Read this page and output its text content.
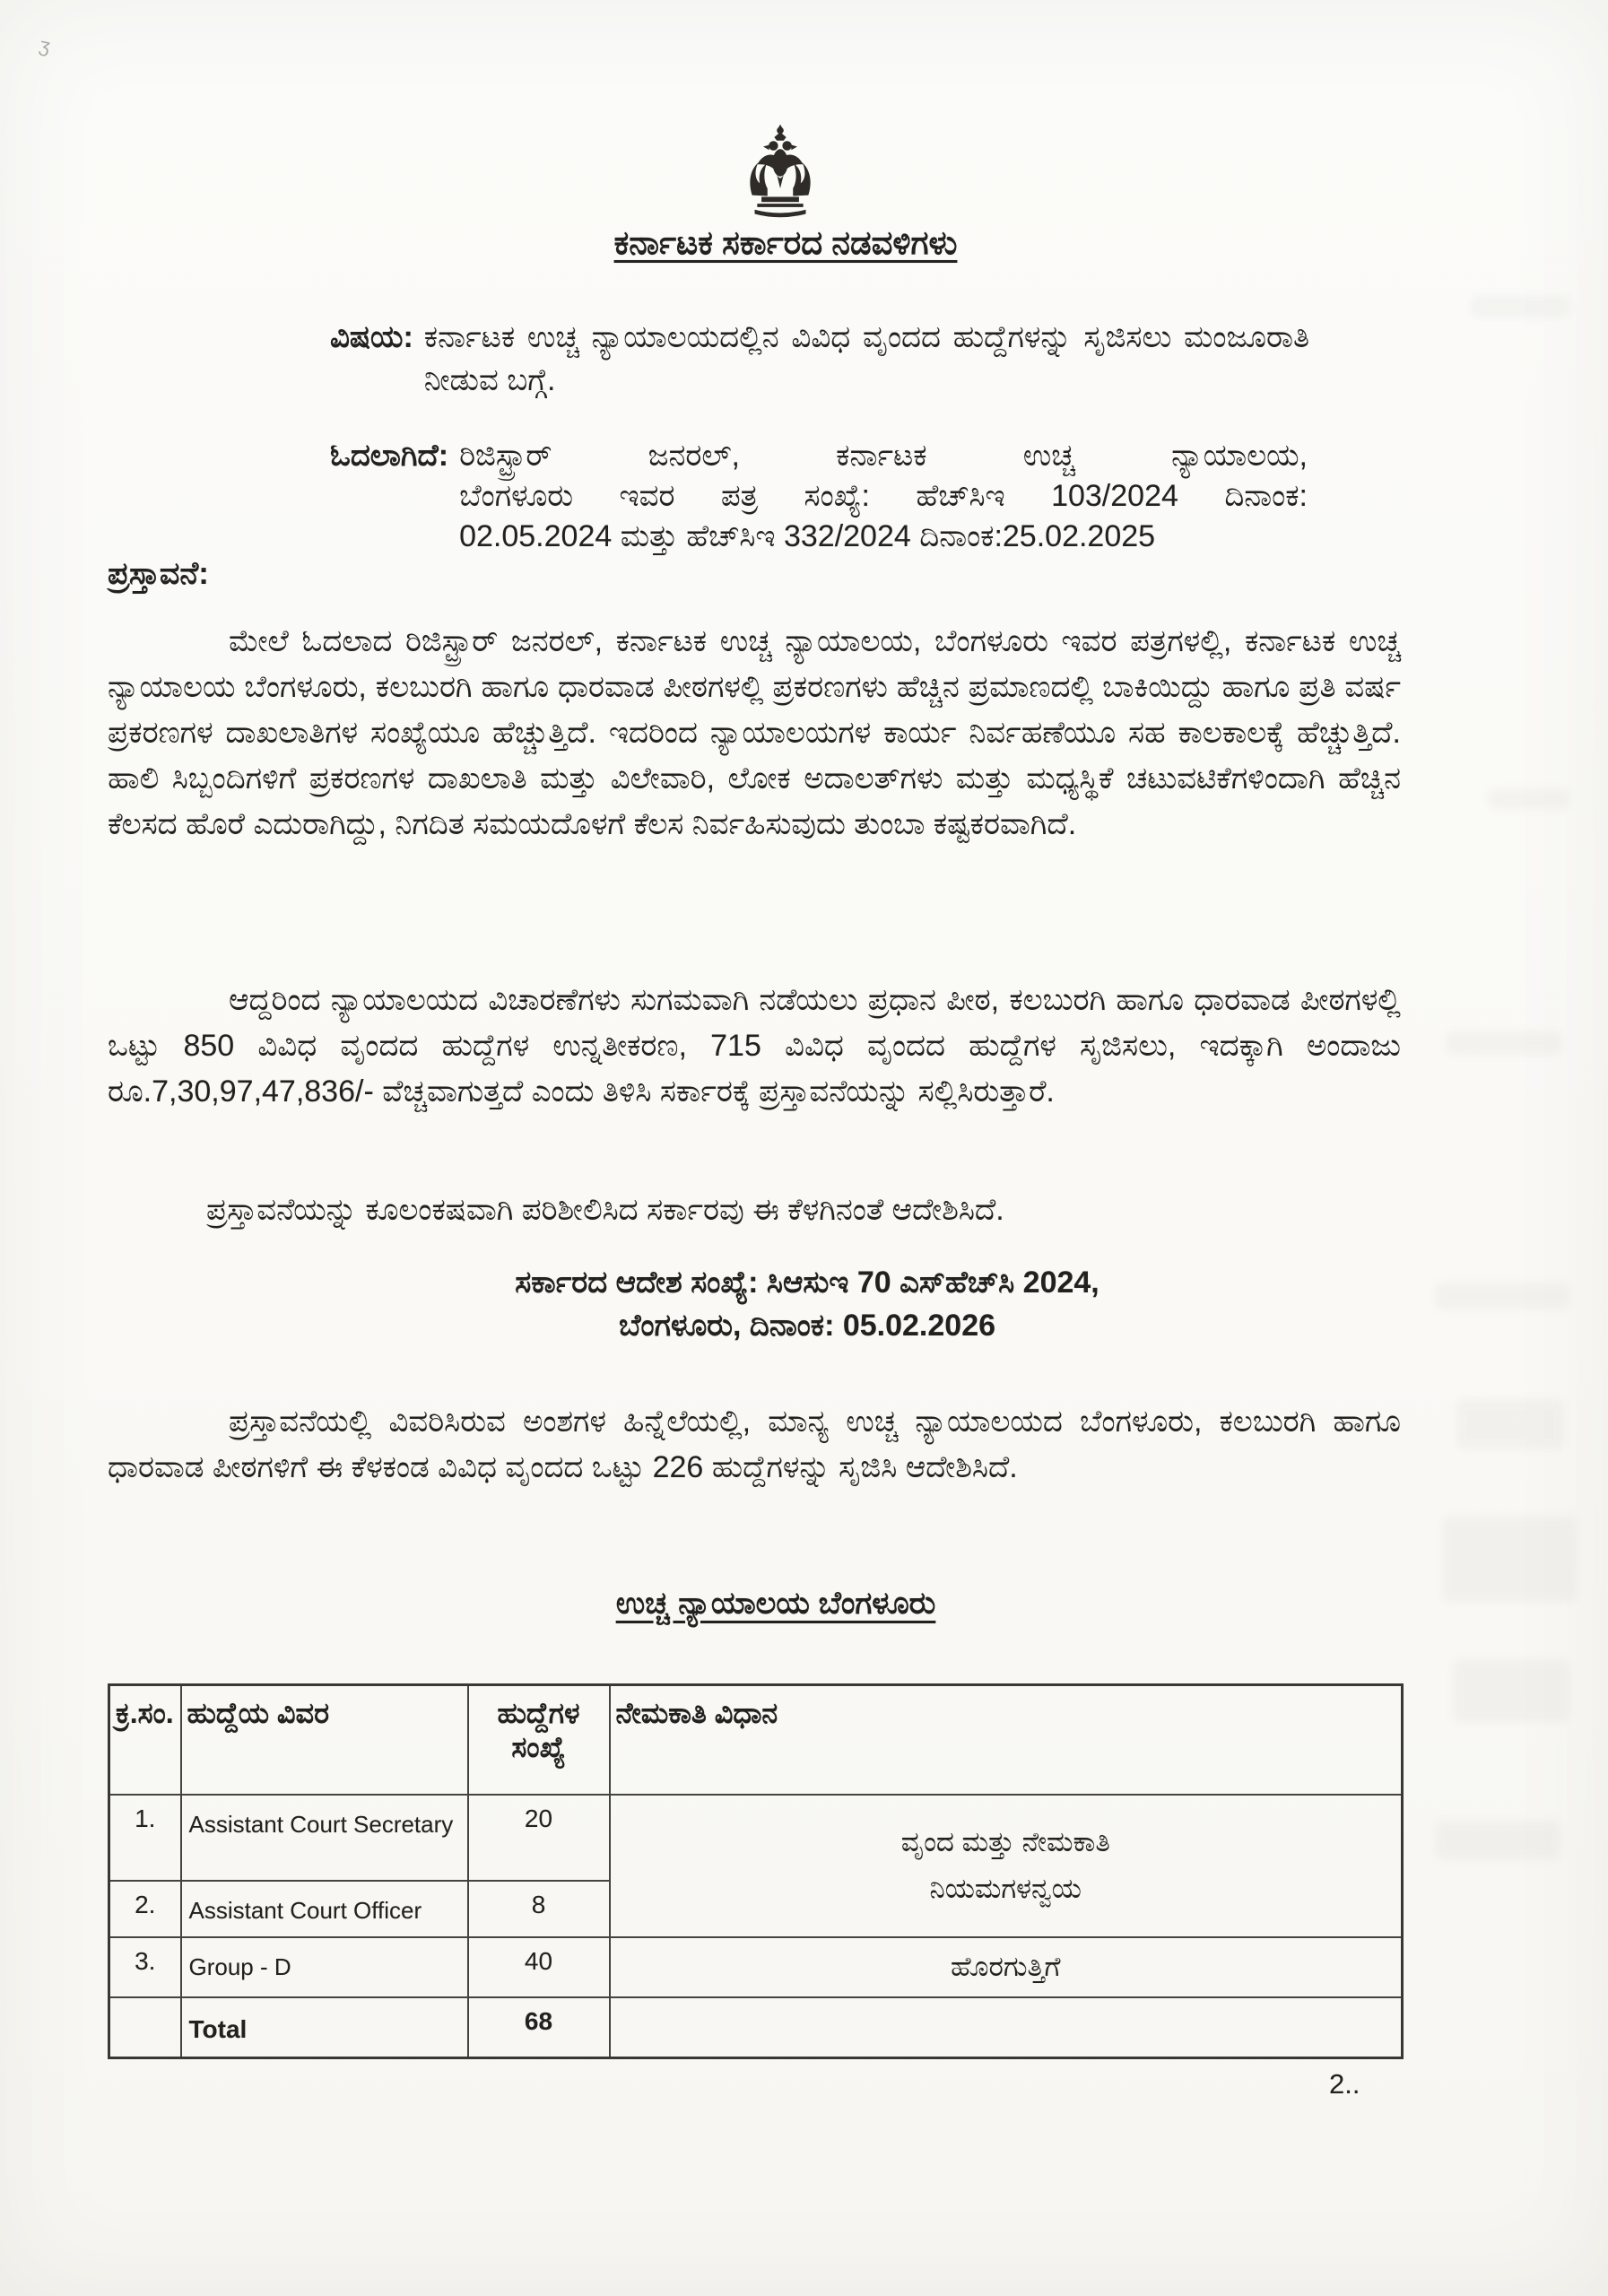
ʒ
ಕರ್ನಾಟಕ ಸರ್ಕಾರದ ನಡವಳಿಗಳು
ವಿಷಯ: ಕರ್ನಾಟಕ ಉಚ್ಚ ನ್ಯಾಯಾಲಯದಲ್ಲಿನ ವಿವಿಧ ವೃಂದದ ಹುದ್ದೆಗಳನ್ನು ಸೃಜಿಸಲು ಮಂಜೂರಾತಿ ನೀಡುವ ಬಗ್ಗೆ.
ಓದಲಾಗಿದೆ: ರಿಜಿಸ್ಟ್ರಾರ್ ಜನರಲ್, ಕರ್ನಾಟಕ ಉಚ್ಚ ನ್ಯಾಯಾಲಯ,
ಬೆಂಗಳೂರು ಇವರ ಪತ್ರ ಸಂಖ್ಯೆ: ಹೆಚ್‌ಸಿಇ 103/2024 ದಿನಾಂಕ:
02.05.2024 ಮತ್ತು ಹೆಚ್‌ಸಿಇ 332/2024 ದಿನಾಂಕ:25.02.2025
ಪ್ರಸ್ತಾವನೆ:
ಮೇಲೆ ಓದಲಾದ ರಿಜಿಸ್ಟ್ರಾರ್ ಜನರಲ್, ಕರ್ನಾಟಕ ಉಚ್ಚ ನ್ಯಾಯಾಲಯ, ಬೆಂಗಳೂರು ಇವರ ಪತ್ರಗಳಲ್ಲಿ, ಕರ್ನಾಟಕ ಉಚ್ಚ ನ್ಯಾಯಾಲಯ ಬೆಂಗಳೂರು, ಕಲಬುರಗಿ ಹಾಗೂ ಧಾರವಾಡ ಪೀಠಗಳಲ್ಲಿ ಪ್ರಕರಣಗಳು ಹೆಚ್ಚಿನ ಪ್ರಮಾಣದಲ್ಲಿ ಬಾಕಿಯಿದ್ದು ಹಾಗೂ ಪ್ರತಿ ವರ್ಷ ಪ್ರಕರಣಗಳ ದಾಖಲಾತಿಗಳ ಸಂಖ್ಯೆಯೂ ಹೆಚ್ಚುತ್ತಿದೆ. ಇದರಿಂದ ನ್ಯಾಯಾಲಯಗಳ ಕಾರ್ಯ ನಿರ್ವಹಣೆಯೂ ಸಹ ಕಾಲಕಾಲಕ್ಕೆ ಹೆಚ್ಚುತ್ತಿದೆ. ಹಾಲಿ ಸಿಬ್ಬಂದಿಗಳಿಗೆ ಪ್ರಕರಣಗಳ ದಾಖಲಾತಿ ಮತ್ತು ವಿಲೇವಾರಿ, ಲೋಕ ಅದಾಲತ್‌ಗಳು ಮತ್ತು ಮಧ್ಯಸ್ಥಿಕೆ ಚಟುವಟಿಕೆಗಳಿಂದಾಗಿ ಹೆಚ್ಚಿನ ಕೆಲಸದ ಹೊರೆ ಎದುರಾಗಿದ್ದು, ನಿಗದಿತ ಸಮಯದೊಳಗೆ ಕೆಲಸ ನಿರ್ವಹಿಸುವುದು ತುಂಬಾ ಕಷ್ಟಕರವಾಗಿದೆ.
ಆದ್ದರಿಂದ ನ್ಯಾಯಾಲಯದ ವಿಚಾರಣೆಗಳು ಸುಗಮವಾಗಿ ನಡೆಯಲು ಪ್ರಧಾನ ಪೀಠ, ಕಲಬುರಗಿ ಹಾಗೂ ಧಾರವಾಡ ಪೀಠಗಳಲ್ಲಿ ಒಟ್ಟು 850 ವಿವಿಧ ವೃಂದದ ಹುದ್ದೆಗಳ ಉನ್ನತೀಕರಣ, 715 ವಿವಿಧ ವೃಂದದ ಹುದ್ದೆಗಳ ಸೃಜಿಸಲು, ಇದಕ್ಕಾಗಿ ಅಂದಾಜು ರೂ.7,30,97,47,836/- ವೆಚ್ಚವಾಗುತ್ತದೆ ಎಂದು ತಿಳಿಸಿ ಸರ್ಕಾರಕ್ಕೆ ಪ್ರಸ್ತಾವನೆಯನ್ನು ಸಲ್ಲಿಸಿರುತ್ತಾರೆ.
ಪ್ರಸ್ತಾವನೆಯನ್ನು ಕೂಲಂಕಷವಾಗಿ ಪರಿಶೀಲಿಸಿದ ಸರ್ಕಾರವು ಈ ಕೆಳಗಿನಂತೆ ಆದೇಶಿಸಿದೆ.
ಸರ್ಕಾರದ ಆದೇಶ ಸಂಖ್ಯೆ: ಸಿಆಸುಇ 70 ಎಸ್‌ಹೆಚ್‌ಸಿ 2024,
ಬೆಂಗಳೂರು, ದಿನಾಂಕ: 05.02.2026
ಪ್ರಸ್ತಾವನೆಯಲ್ಲಿ ವಿವರಿಸಿರುವ ಅಂಶಗಳ ಹಿನ್ನೆಲೆಯಲ್ಲಿ, ಮಾನ್ಯ ಉಚ್ಚ ನ್ಯಾಯಾಲಯದ ಬೆಂಗಳೂರು, ಕಲಬುರಗಿ ಹಾಗೂ ಧಾರವಾಡ ಪೀಠಗಳಿಗೆ ಈ ಕೆಳಕಂಡ ವಿವಿಧ ವೃಂದದ ಒಟ್ಟು 226 ಹುದ್ದೆಗಳನ್ನು ಸೃಜಿಸಿ ಆದೇಶಿಸಿದೆ.
ಉಚ್ಚ ನ್ಯಾಯಾಲಯ ಬೆಂಗಳೂರು
ಕ್ರ.ಸಂ.	ಹುದ್ದೆಯ ವಿವರ	ಹುದ್ದೆಗಳ ಸಂಖ್ಯೆ	ನೇಮಕಾತಿ ವಿಧಾನ
1.	Assistant Court Secretary	20	ವೃಂದ ಮತ್ತು ನೇಮಕಾತಿ ನಿಯಮಗಳನ್ವಯ

2.	Assistant Court Officer	8	
3.	Group - D	40	ಹೊರಗುತ್ತಿಗೆ
	Total	68	
2..
